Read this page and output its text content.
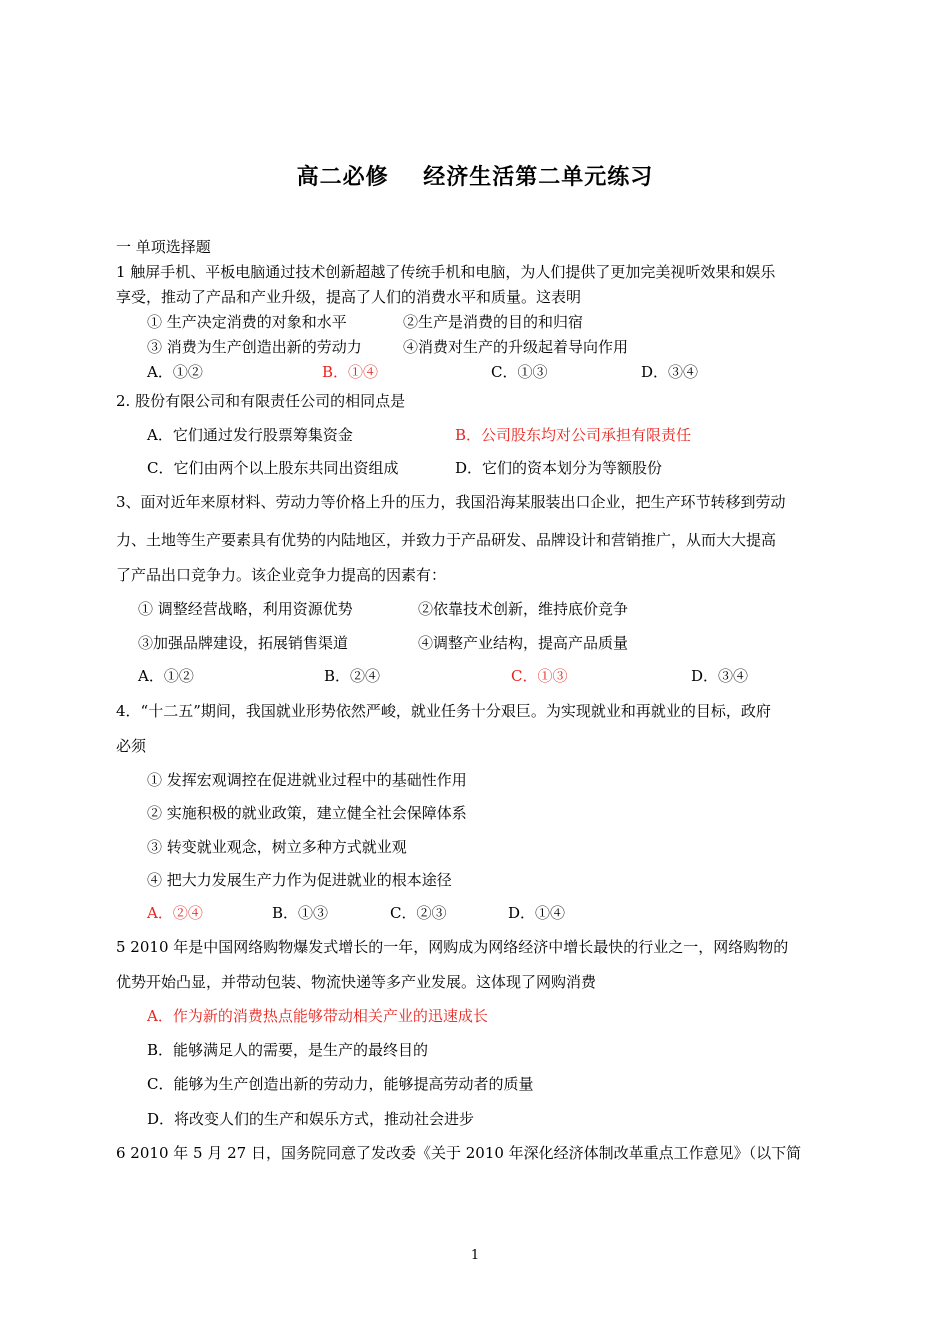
高二必修    经济生活第二单元练习
一 单项选择题
1 触屏手机、平板电脑通过技术创新超越了传统手机和电脑，为人们提供了更加完美视听效果和娱乐
享受，推动了产品和产业升级，提高了人们的消费水平和质量。这表明
① 生产决定消费的对象和水平	②生产是消费的目的和归宿
③ 消费为生产创造出新的劳动力	④消费对生产的升级起着导向作用
A．①②	B．①④	C．①③	D．③④
2. 股份有限公司和有限责任公司的相同点是
A．它们通过发行股票筹集资金	B．公司股东均对公司承担有限责任
C．它们由两个以上股东共同出资组成	D．它们的资本划分为等额股份
3、面对近年来原材料、劳动力等价格上升的压力，我国沿海某服装出口企业，把生产环节转移到劳动
力、土地等生产要素具有优势的内陆地区，并致力于产品研发、品牌设计和营销推广，从而大大提高
了产品出口竞争力。该企业竞争力提高的因素有：
① 调整经营战略，利用资源优势	②依靠技术创新，维持底价竞争
③加强品牌建设，拓展销售渠道	④调整产业结构，提高产品质量
A．①②	B．②④	C．①③	D．③④
4．“十二五”期间，我国就业形势依然严峻，就业任务十分艰巨。为实现就业和再就业的目标，政府
必须
① 发挥宏观调控在促进就业过程中的基础性作用
② 实施积极的就业政策，建立健全社会保障体系
③ 转变就业观念，树立多种方式就业观
④ 把大力发展生产力作为促进就业的根本途径
A．②④	B．①③	C．②③	D．①④
5 2010 年是中国网络购物爆发式增长的一年，网购成为网络经济中增长最快的行业之一，网络购物的
优势开始凸显，并带动包装、物流快递等多产业发展。这体现了网购消费
A．作为新的消费热点能够带动相关产业的迅速成长
B．能够满足人的需要，是生产的最终目的
C．能够为生产创造出新的劳动力，能够提高劳动者的质量
D．将改变人们的生产和娱乐方式，推动社会进步
6 2010 年 5 月 27 日，国务院同意了发改委《关于 2010 年深化经济体制改革重点工作意见》（以下简
1
